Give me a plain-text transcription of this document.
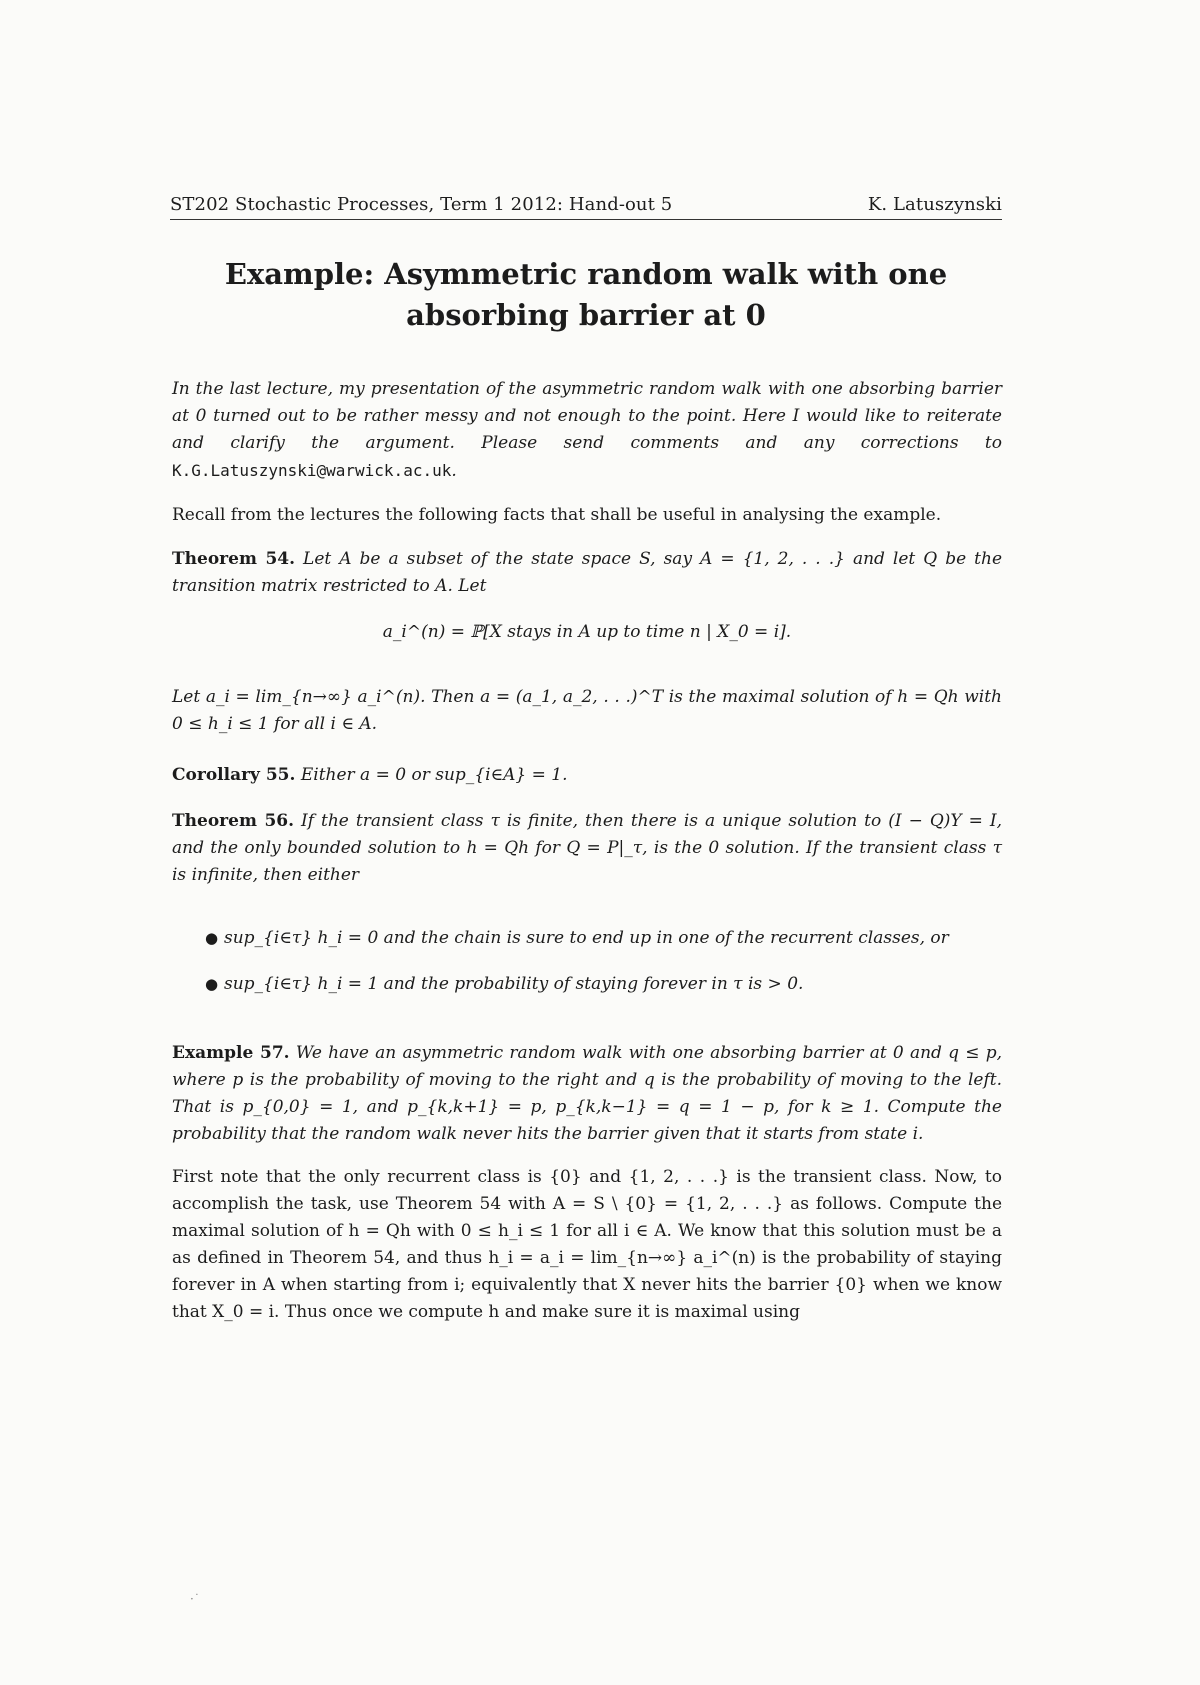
ST202 Stochastic Processes, Term 1 2012: Hand-out 5	K. Latuszynski
Example: Asymmetric random walk with one absorbing barrier at 0
In the last lecture, my presentation of the asymmetric random walk with one absorbing barrier at 0 turned out to be rather messy and not enough to the point. Here I would like to reiterate and clarify the argument. Please send comments and any corrections to K.G.Latuszynski@warwick.ac.uk.
Recall from the lectures the following facts that shall be useful in analysing the example.
Theorem 54. Let A be a subset of the state space S, say A = {1, 2, . . .} and let Q be the transition matrix restricted to A. Let
a_i^(n) = ℙ[X stays in A up to time n | X_0 = i].
Let a_i = lim_{n→∞} a_i^(n). Then a = (a_1, a_2, . . .)^T is the maximal solution of h = Qh with 0 ≤ h_i ≤ 1 for all i ∈ A.
Corollary 55. Either a = 0 or sup_{i∈A} = 1.
Theorem 56. If the transient class τ is finite, then there is a unique solution to (I − Q)Y = I, and the only bounded solution to h = Qh for Q = P|_τ, is the 0 solution. If the transient class τ is infinite, then either
● sup_{i∈τ} h_i = 0 and the chain is sure to end up in one of the recurrent classes, or
● sup_{i∈τ} h_i = 1 and the probability of staying forever in τ is > 0.
Example 57. We have an asymmetric random walk with one absorbing barrier at 0 and q ≤ p, where p is the probability of moving to the right and q is the probability of moving to the left. That is p_{0,0} = 1, and p_{k,k+1} = p, p_{k,k−1} = q = 1 − p, for k ≥ 1. Compute the probability that the random walk never hits the barrier given that it starts from state i.
First note that the only recurrent class is {0} and {1, 2, . . .} is the transient class. Now, to accomplish the task, use Theorem 54 with A = S \ {0} = {1, 2, . . .} as follows. Compute the maximal solution of h = Qh with 0 ≤ h_i ≤ 1 for all i ∈ A. We know that this solution must be a as defined in Theorem 54, and thus h_i = a_i = lim_{n→∞} a_i^(n) is the probability of staying forever in A when starting from i; equivalently that X never hits the barrier {0} when we know that X_0 = i. Thus once we compute h and make sure it is maximal using
·˙
